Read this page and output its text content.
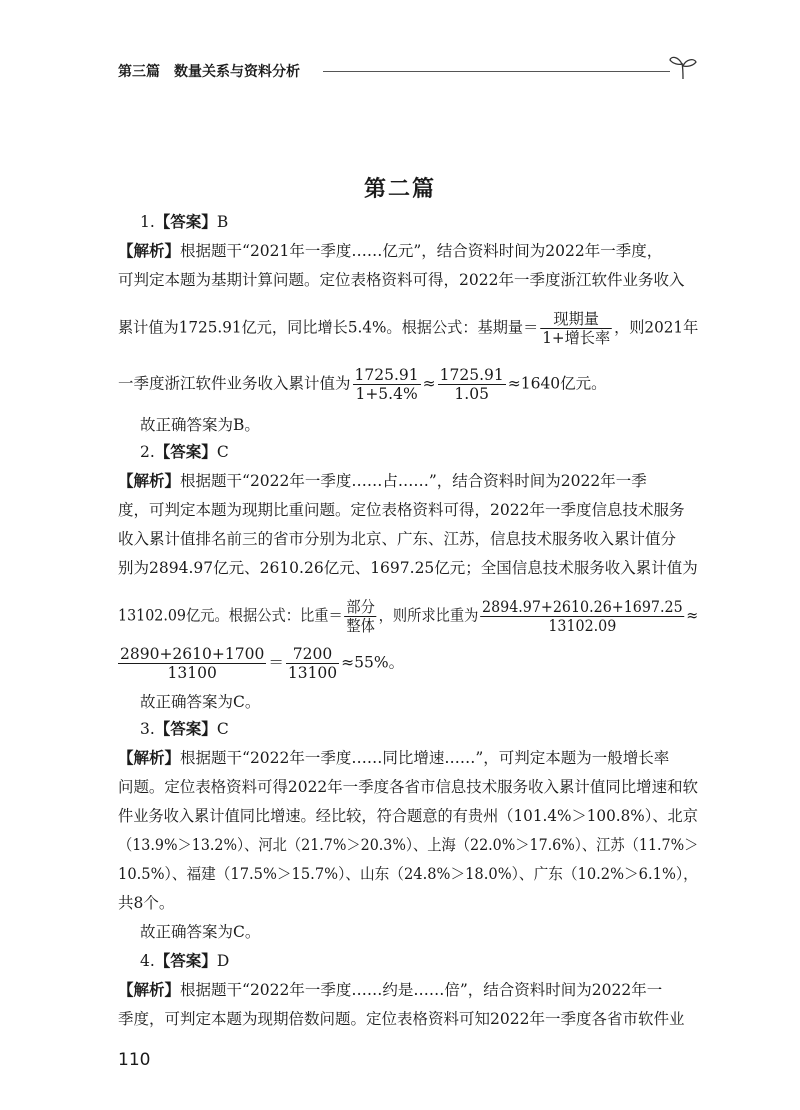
第三篇　数量关系与资料分析
第二篇
1.【答案】B
【解析】根据题干“2021年一季度……亿元”，结合资料时间为2022年一季度，
可判定本题为基期计算问题。定位表格资料可得，2022年一季度浙江软件业务收入
累计值为1725.91亿元，同比增长5.4%。根据公式：基期量＝ $\frac{\text{现期量}}{\text{1+增长率}}$ ，则2021年
一季度浙江软件业务收入累计值为 $\frac{1725.91}{1+5.4\%} \approx \frac{1725.91}{1.05} \approx 1640$亿元。
故正确答案为B。
2.【答案】C
【解析】根据题干“2022年一季度……占……”，结合资料时间为2022年一季
度，可判定本题为现期比重问题。定位表格资料可得，2022年一季度信息技术服务
收入累计值排名前三的省市分别为北京、广东、江苏，信息技术服务收入累计值分
别为2894.97亿元、2610.26亿元、1697.25亿元；全国信息技术服务收入累计值为
13102.09亿元。根据公式：比重＝ $\frac{\text{部分}}{\text{整体}}$ ，则所求比重为 $\frac{2894.97+2610.26+1697.25}{13102.09}$ ≈
$\frac{2890+2610+1700}{13100} = \frac{7200}{13100} \approx 55\%$。
故正确答案为C。
3.【答案】C
【解析】根据题干“2022年一季度……同比增速……”，可判定本题为一般增长率
问题。定位表格资料可得2022年一季度各省市信息技术服务收入累计值同比增速和软
件业务收入累计值同比增速。经比较，符合题意的有贵州（101.4%＞100.8%）、北京
（13.9%＞13.2%）、河北（21.7%＞20.3%）、上海（22.0%＞17.6%）、江苏（11.7%＞
10.5%）、福建（17.5%＞15.7%）、山东（24.8%＞18.0%）、广东（10.2%＞6.1%），
共8个。
故正确答案为C。
4.【答案】D
【解析】根据题干“2022年一季度……约是……倍”，结合资料时间为2022年一
季度，可判定本题为现期倍数问题。定位表格资料可知2022年一季度各省市软件业
110
